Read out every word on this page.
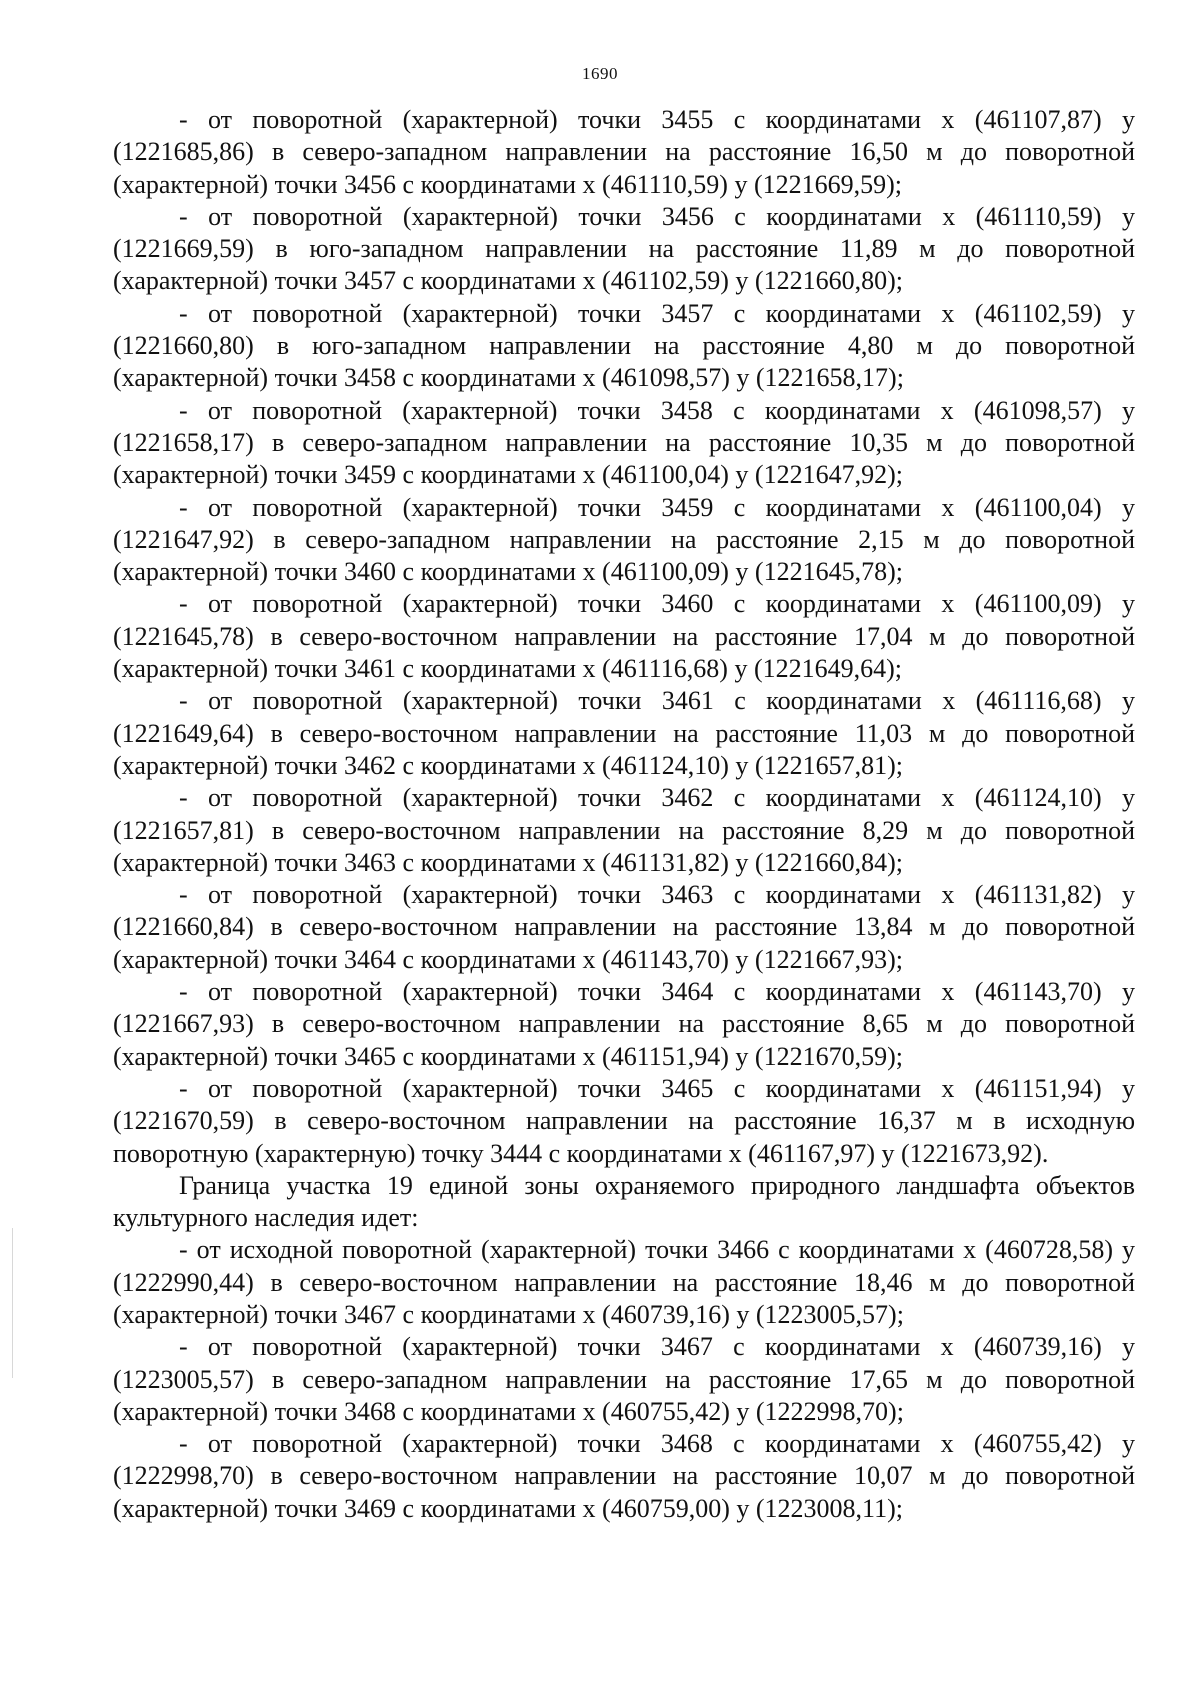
1690

- от поворотной (характерной) точки 3455 с координатами x (461107,87) y (1221685,86) в северо-западном направлении на расстояние 16,50 м до поворотной (характерной) точки 3456 с координатами x (461110,59) y (1221669,59);

- от поворотной (характерной) точки 3456 с координатами x (461110,59) y (1221669,59) в юго-западном направлении на расстояние 11,89 м до поворотной (характерной) точки 3457 с координатами x (461102,59) y (1221660,80);

- от поворотной (характерной) точки 3457 с координатами x (461102,59) y (1221660,80) в юго-западном направлении на расстояние 4,80 м до поворотной (характерной) точки 3458 с координатами x (461098,57) y (1221658,17);

- от поворотной (характерной) точки 3458 с координатами x (461098,57) y (1221658,17) в северо-западном направлении на расстояние 10,35 м до поворотной (характерной) точки 3459 с координатами x (461100,04) y (1221647,92);

- от поворотной (характерной) точки 3459 с координатами x (461100,04) y (1221647,92) в северо-западном направлении на расстояние 2,15 м до поворотной (характерной) точки 3460 с координатами x (461100,09) y (1221645,78);

- от поворотной (характерной) точки 3460 с координатами x (461100,09) y (1221645,78) в северо-восточном направлении на расстояние 17,04 м до поворотной (характерной) точки 3461 с координатами x (461116,68) y (1221649,64);

- от поворотной (характерной) точки 3461 с координатами x (461116,68) y (1221649,64) в северо-восточном направлении на расстояние 11,03 м до поворотной (характерной) точки 3462 с координатами x (461124,10) y (1221657,81);

- от поворотной (характерной) точки 3462 с координатами x (461124,10) y (1221657,81) в северо-восточном направлении на расстояние 8,29 м до поворотной (характерной) точки 3463 с координатами x (461131,82) y (1221660,84);

- от поворотной (характерной) точки 3463 с координатами x (461131,82) y (1221660,84) в северо-восточном направлении на расстояние 13,84 м до поворотной (характерной) точки 3464 с координатами x (461143,70) y (1221667,93);

- от поворотной (характерной) точки 3464 с координатами x (461143,70) y (1221667,93) в северо-восточном направлении на расстояние 8,65 м до поворотной (характерной) точки 3465 с координатами x (461151,94) y (1221670,59);

- от поворотной (характерной) точки 3465 с координатами x (461151,94) y (1221670,59) в северо-восточном направлении на расстояние 16,37 м в исходную поворотную (характерную) точку 3444 с координатами x (461167,97) y (1221673,92).

Граница участка 19 единой зоны охраняемого природного ландшафта объектов культурного наследия идет:

- от исходной поворотной (характерной) точки 3466 с координатами x (460728,58) y (1222990,44) в северо-восточном направлении на расстояние 18,46 м до поворотной (характерной) точки 3467 с координатами x (460739,16) y (1223005,57);

- от поворотной (характерной) точки 3467 с координатами x (460739,16) y (1223005,57) в северо-западном направлении на расстояние 17,65 м до поворотной (характерной) точки 3468 с координатами x (460755,42) y (1222998,70);

- от поворотной (характерной) точки 3468 с координатами x (460755,42) y (1222998,70) в северо-восточном направлении на расстояние 10,07 м до поворотной (характерной) точки 3469 с координатами x (460759,00) y (1223008,11);
